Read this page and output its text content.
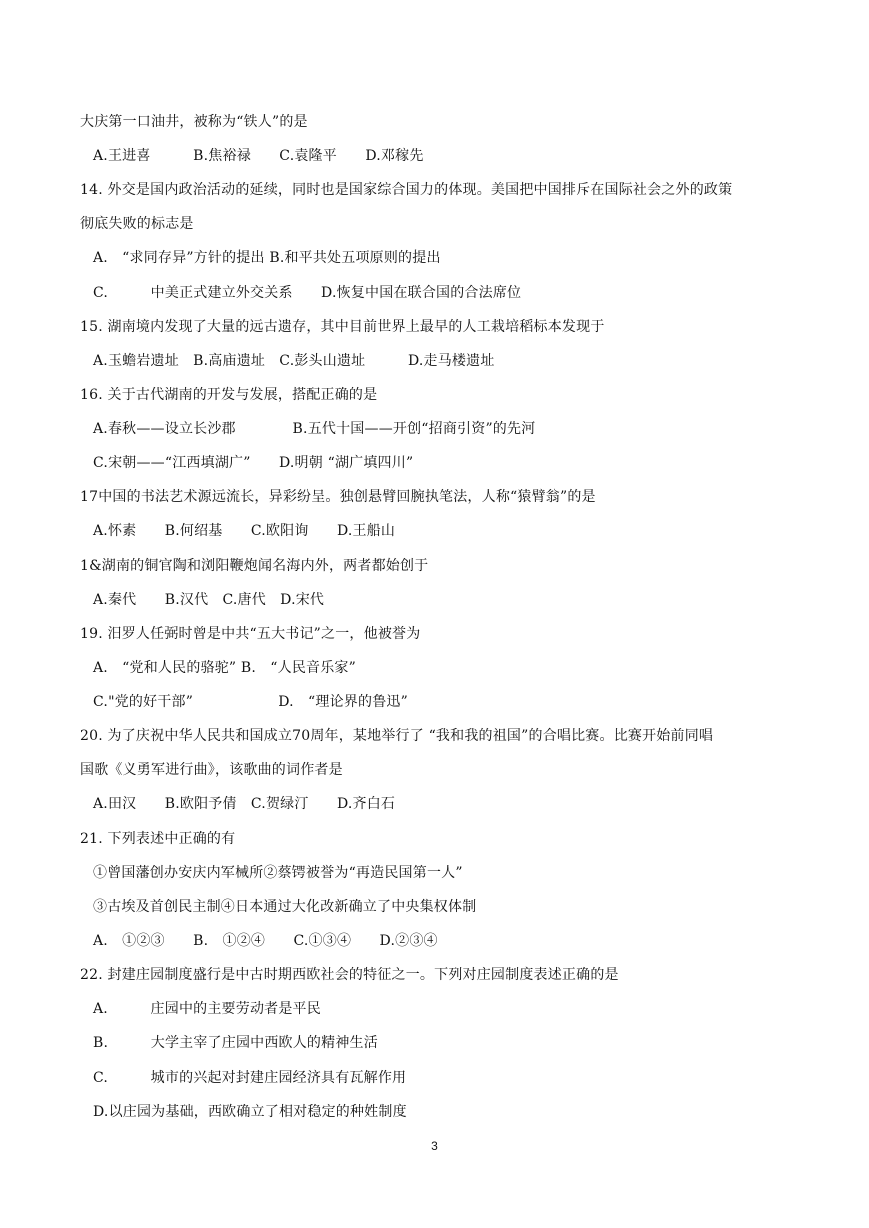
大庆第一口油井，被称为“铁人”的是
A.王进喜　　　B.焦裕禄　　C.袁隆平　　D.邓稼先
14. 外交是国内政治活动的延续，同时也是国家综合国力的体现。美国把中国排斥在国际社会之外的政策
彻底失败的标志是
A.　“求同存异”方针的提出 B.和平共处五项原则的提出
C.　　　中美正式建立外交关系　　D.恢复中国在联合国的合法席位
15. 湖南境内发现了大量的远古遗存，其中目前世界上最早的人工栽培稻标本发现于
A.玉蟾岩遗址　B.高庙遗址　C.彭头山遗址　　　D.走马楼遗址
16. 关于古代湖南的开发与发展，搭配正确的是
A.春秋——设立长沙郡　　　　B.五代十国——开创“招商引资”的先河
C.宋朝——“江西填湖广”　　D.明朝 “湖广填四川”
17中国的书法艺术源远流长，异彩纷呈。独创悬臂回腕执笔法，人称“猿臂翁”的是
A.怀素　　B.何绍基　　C.欧阳询　　D.王船山
1&湖南的铜官陶和浏阳鞭炮闻名海内外，两者都始创于
A.秦代　　B.汉代　C.唐代　D.宋代
19. 汨罗人任弼时曾是中共“五大书记”之一，他被誉为
A.　“党和人民的骆驼” B.　“人民音乐家”
C."党的好干部”　　　　　　D.　“理论界的鲁迅”
20. 为了庆祝中华人民共和国成立70周年，某地举行了 “我和我的祖国”的合唱比赛。比赛开始前同唱
国歌《义勇军进行曲》，该歌曲的词作者是
A.田汉　　B.欧阳予倩　C.贺绿汀　　D.齐白石
21. 下列表述中正确的有
①曾国藩创办安庆内军械所②蔡锷被誉为“再造民国第一人”
③古埃及首创民主制④日本通过大化改新确立了中央集权体制
A.　①②③　　B.　①②④　　C.①③④　　D.②③④
22. 封建庄园制度盛行是中古时期西欧社会的特征之一。下列对庄园制度表述正确的是
A.　　　庄园中的主要劳动者是平民
B.　　　大学主宰了庄园中西欧人的精神生活
C.　　　城市的兴起对封建庄园经济具有瓦解作用
D.以庄园为基础，西欧确立了相对稳定的种姓制度
3
